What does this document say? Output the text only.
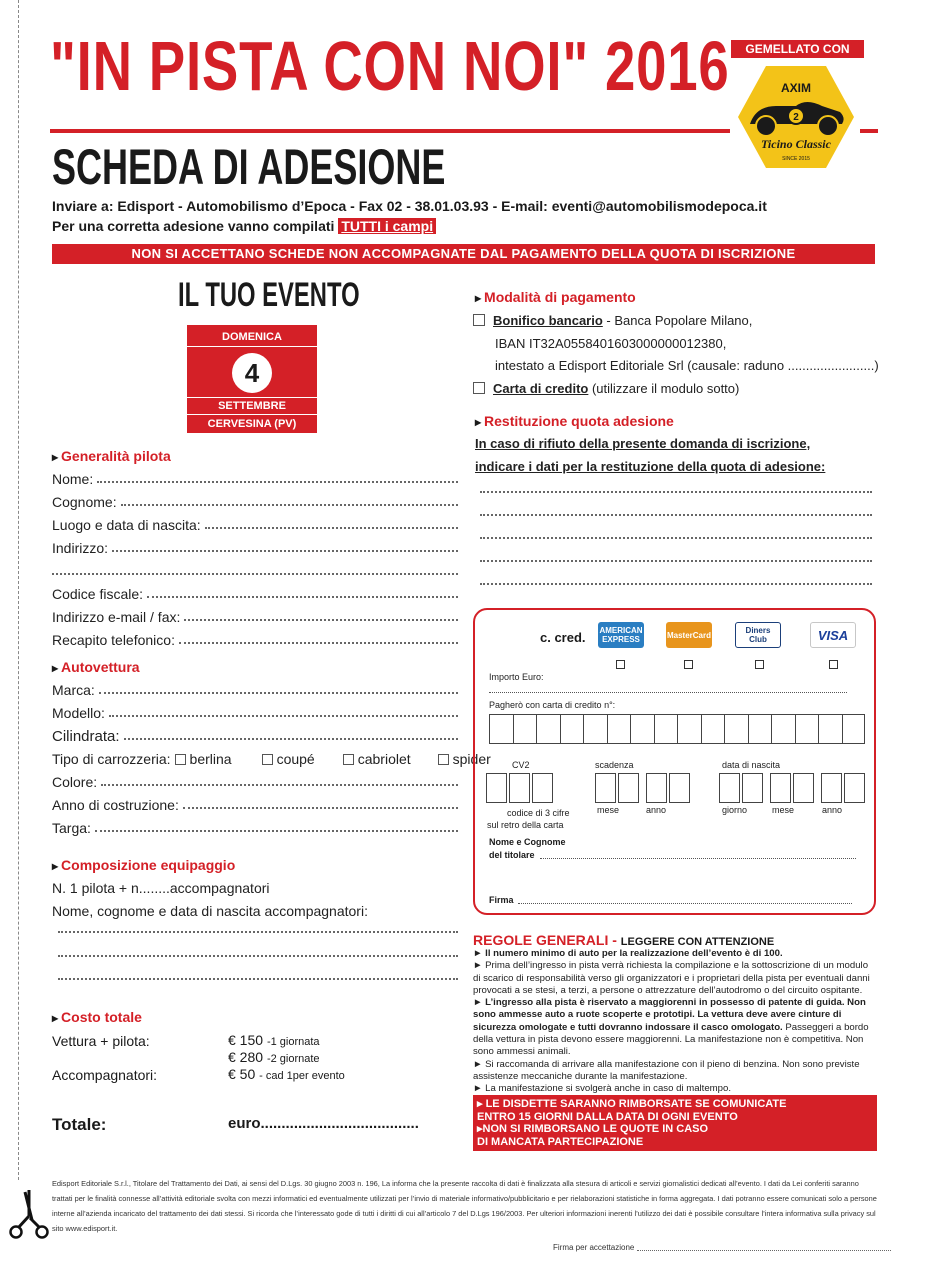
"IN PISTA CON NOI" 2016
SCHEDA DI ADESIONE
Inviare a: Edisport - Automobilismo d’Epoca - Fax 02 - 38.01.03.93 - E-mail: eventi@automobilismodepoca.it
Per una corretta adesione vanno compilati TUTTI i campi
NON SI ACCETTANO SCHEDE NON ACCOMPAGNATE DAL PAGAMENTO DELLA QUOTA DI ISCRIZIONE
GEMELLATO CON
AXIM
2
Ticino Classic
SINCE 2015
IL TUO EVENTO
DOMENICA
4
SETTEMBRE
CERVESINA (PV)
▸ Generalità pilota
Nome:
Cognome:
Luogo e data di nascita:
Indirizzo:
Codice fiscale:
Indirizzo e-mail / fax:
Recapito telefonico:
▸ Autovettura
Marca:
Modello:
Cilindrata:
Tipo di carrozzeria:	berlina	coupé	cabriolet	spider
Colore:
Anno di costruzione:
Targa:
▸ Composizione equipaggio
N. 1 pilota + n........accompagnatori
Nome, cognome e data di nascita accompagnatori:
▸ Costo totale
Vettura + pilota:	€ 150 -1 giornata
€ 280 -2 giornate
Accompagnatori:	€ 50 - cad 1per evento
Totale:	euro......................................
▸ Modalità di pagamento
Bonifico bancario - Banca Popolare Milano,
IBAN IT32A0558401603000000012380,
intestato a Edisport Editoriale Srl (causale: raduno ........................)
Carta di credito (utilizzare il modulo sotto)
▸ Restituzione quota adesione
In caso di rifiuto della presente domanda di iscrizione,
indicare i dati per la restituzione della quota di adesione:
c. cred. AMERICAN EXPRESS	MasterCard	Diners Club	VISA
Importo Euro:
Pagherò con carta di credito n°:
CV2
codice di 3 cifre
sul retro della carta
scadenza
mese	anno
data di nascita
giorno	mese	anno
Nome e Cognome
del titolare
Firma
REGOLE GENERALI - LEGGERE CON ATTENZIONE

► Il numero minimo di auto per la realizzazione dell’evento è di 100.

► Prima dell’ingresso in pista verrà richiesta la compilazione e la sottoscrizione di un modulo di scarico di responsabilità verso gli organizzatori e i proprietari della pista per eventuali danni provocati a se stesi, a terzi, a persone o attrezzature dell’autodromo o del circuito ospitante.

► L’ingresso alla pista è riservato a maggiorenni in possesso di patente di guida. Non sono ammesse auto a ruote scoperte e prototipi. La vettura deve avere cinture di sicurezza omologate e tutti dovranno indossare il casco omologato. Passeggeri a bordo della vettura in pista devono essere maggiorenni. La manifestazione non è competitiva. Non sono ammessi animali.

► Si raccomanda di arrivare alla manifestazione con il pieno di benzina. Non sono previste assistenze meccaniche durante la manifestazione.

► La manifestazione si svolgerà anche in caso di maltempo.

▸ LE DISDETTE SARANNO RIMBORSATE SE COMUNICATE
ENTRO 15 GIORNI DALLA DATA DI OGNI EVENTO
▸NON SI RIMBORSANO LE QUOTE IN CASO
DI MANCATA PARTECIPAZIONE
Edisport Editoriale S.r.l., Titolare del Trattamento dei Dati, ai sensi del D.Lgs. 30 giugno 2003 n. 196, La informa che la presente raccolta di dati è finalizzata alla stesura di articoli e servizi giornalistici dedicati all’evento. I dati da Lei conferiti saranno trattati per le finalità connesse all’attività editoriale svolta con mezzi informatici ed eventualmente utilizzati per l’invio di materiale informativo/pubblicitario e per rielaborazioni statistiche in forma aggregata. I dati potranno essere comunicati solo a persone interne all’azienda incaricato del trattamento dei dati stessi. Si ricorda che l’interessato gode di tutti i diritti di cui all’articolo 7 del D.Lgs 196/2003. Per ulteriori informazioni inerenti l’utilizzo dei dati è possibile consultare l’intera informativa sulla privacy sul sito www.edisport.it.
Firma per accettazione
